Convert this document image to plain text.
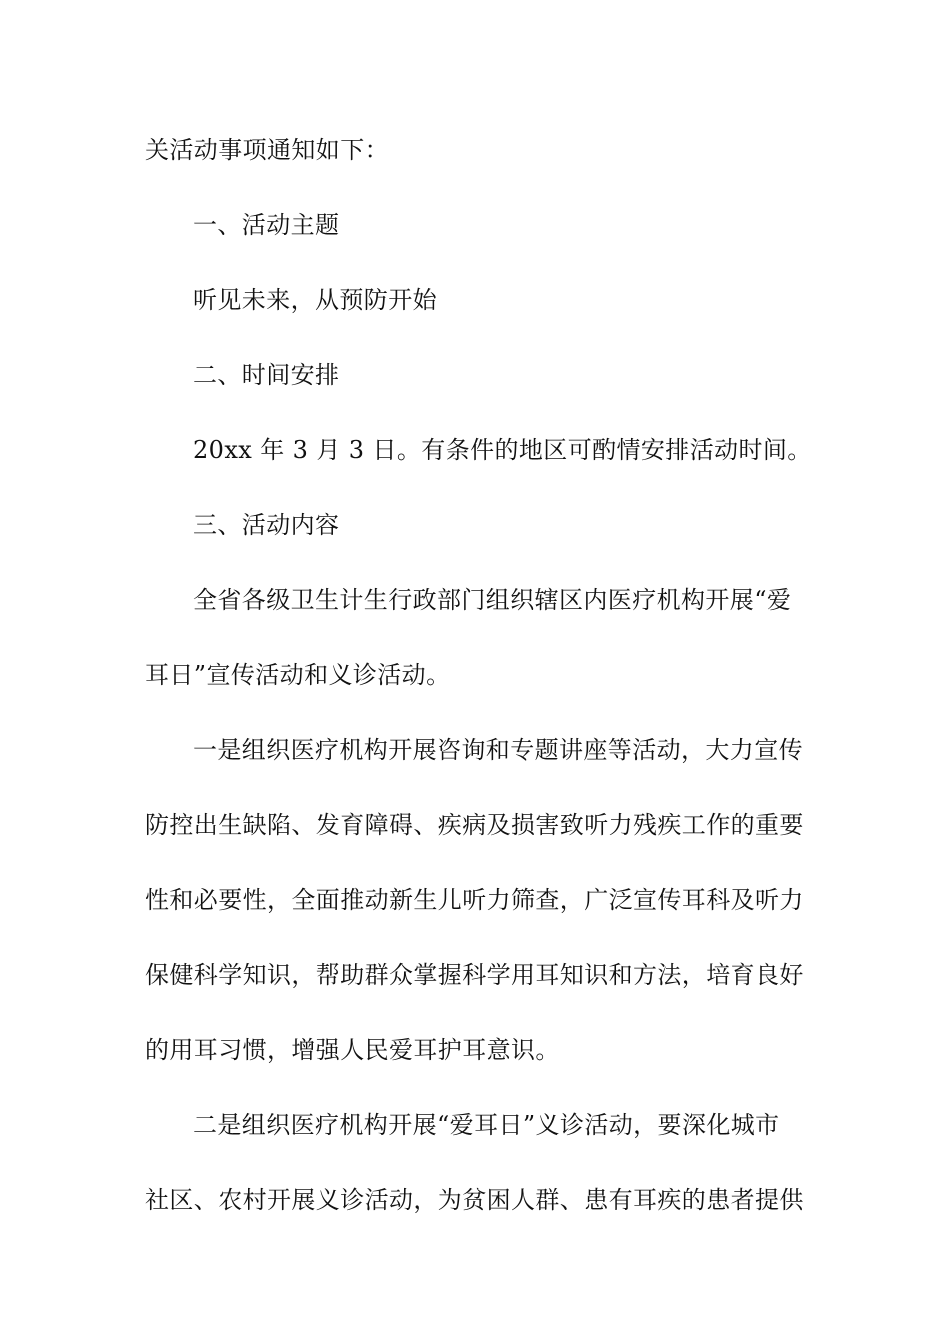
关活动事项通知如下：
一、活动主题
听见未来，从预防开始
二、时间安排
20xx 年 3 月 3 日。有条件的地区可酌情安排活动时间。
三、活动内容
全省各级卫生计生行政部门组织辖区内医疗机构开展“爱
耳日”宣传活动和义诊活动。
一是组织医疗机构开展咨询和专题讲座等活动，大力宣传
防控出生缺陷、发育障碍、疾病及损害致听力残疾工作的重要
性和必要性，全面推动新生儿听力筛查，广泛宣传耳科及听力
保健科学知识，帮助群众掌握科学用耳知识和方法，培育良好
的用耳习惯，增强人民爱耳护耳意识。
二是组织医疗机构开展“爱耳日”义诊活动，要深化城市
社区、农村开展义诊活动，为贫困人群、患有耳疾的患者提供
